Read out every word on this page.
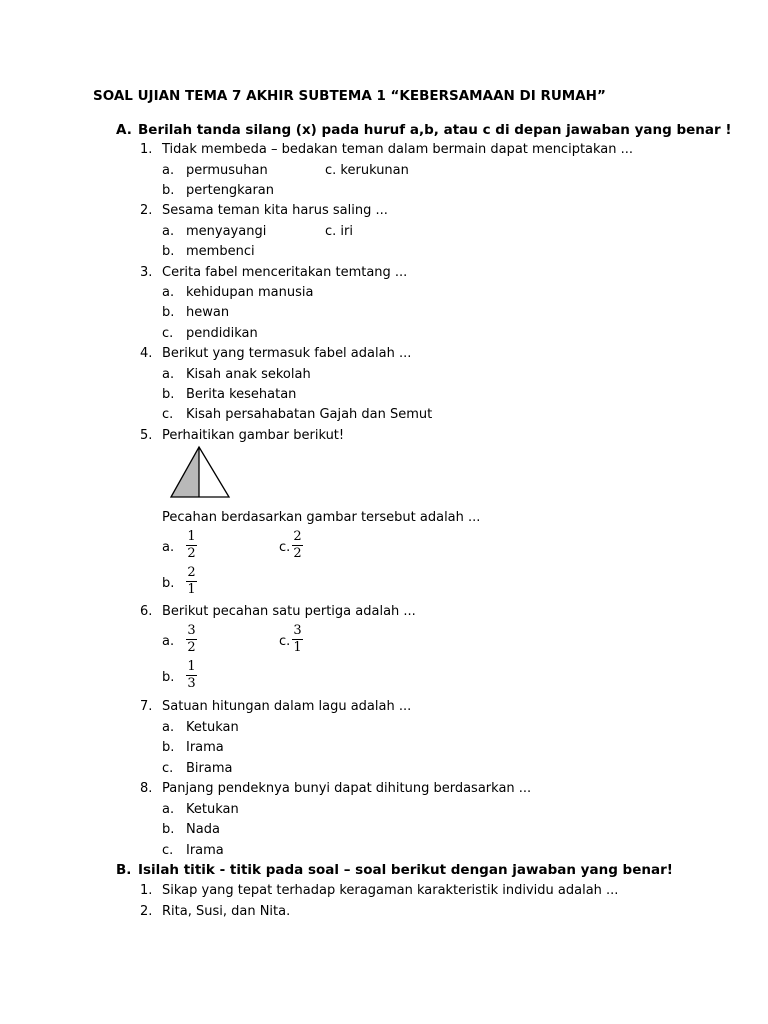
SOAL UJIAN TEMA 7 AKHIR SUBTEMA 1 “KEBERSAMAAN DI RUMAH”
A. Berilah tanda silang (x) pada huruf a,b, atau c di depan jawaban yang benar !
1. Tidak membeda – bedakan teman dalam bermain dapat menciptakan ...
a. permusuhan	c. kerukunan
b. pertengkaran
2. Sesama teman kita harus saling ...
a. menyayangi	c. iri
b. membenci
3. Cerita fabel menceritakan temtang ...
a. kehidupan manusia
b. hewan
c. pendidikan
4. Berikut yang termasuk fabel adalah ...
a. Kisah anak sekolah
b. Berita kesehatan
c. Kisah persahabatan Gajah dan Semut
5. Perhaitikan gambar berikut!
Pecahan berdasarkan gambar tersebut adalah ...
a.
1
2	c.
2
2
b.
2
1
6. Berikut pecahan satu pertiga adalah ...
a.
3
2	c.
3
1
b.
1
3
7. Satuan hitungan dalam lagu adalah ...
a. Ketukan
b. Irama
c. Birama
8. Panjang pendeknya bunyi dapat dihitung berdasarkan ...
a. Ketukan
b. Nada
c. Irama
B. Isilah titik - titik pada soal – soal berikut dengan jawaban yang benar!
1. Sikap yang tepat terhadap keragaman karakteristik individu adalah ...
2. Rita, Susi, dan Nita.
